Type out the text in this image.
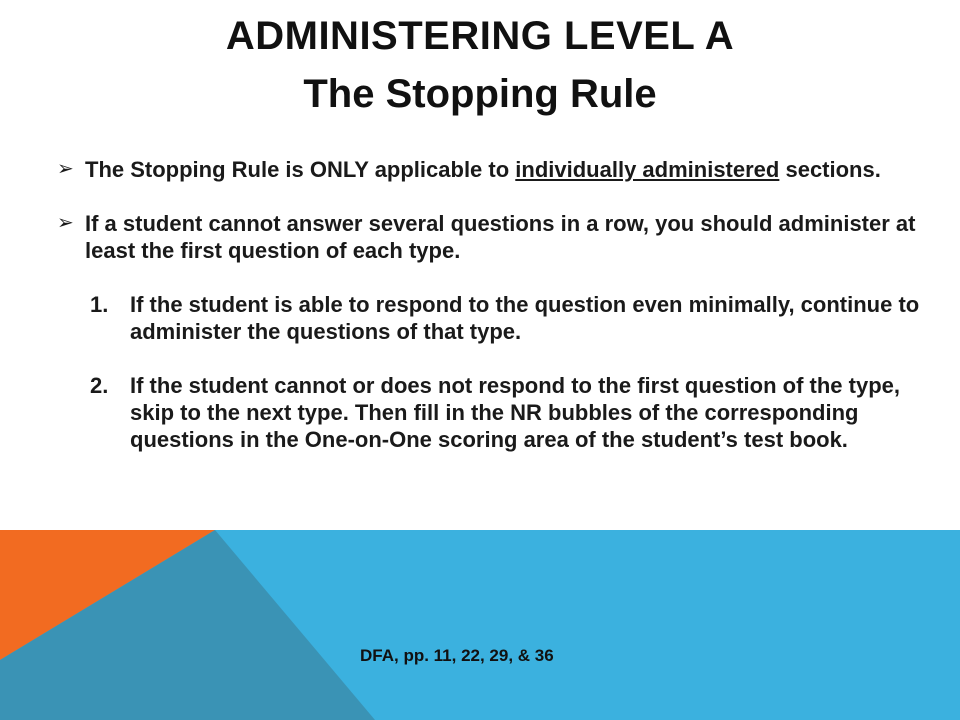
ADMINISTERING LEVEL A
The Stopping Rule
➢ The Stopping Rule is ONLY applicable to individually administered sections.
➢ If a student cannot answer several questions in a row, you should administer at least the first question of each type.
1. If the student is able to respond to the question even minimally, continue to administer the questions of that type.
2. If the student cannot or does not respond to the first question of the type, skip to the next type. Then fill in the NR bubbles of the corresponding questions in the One-on-One scoring area of the student’s test book.
DFA, pp. 11, 22, 29, & 36
